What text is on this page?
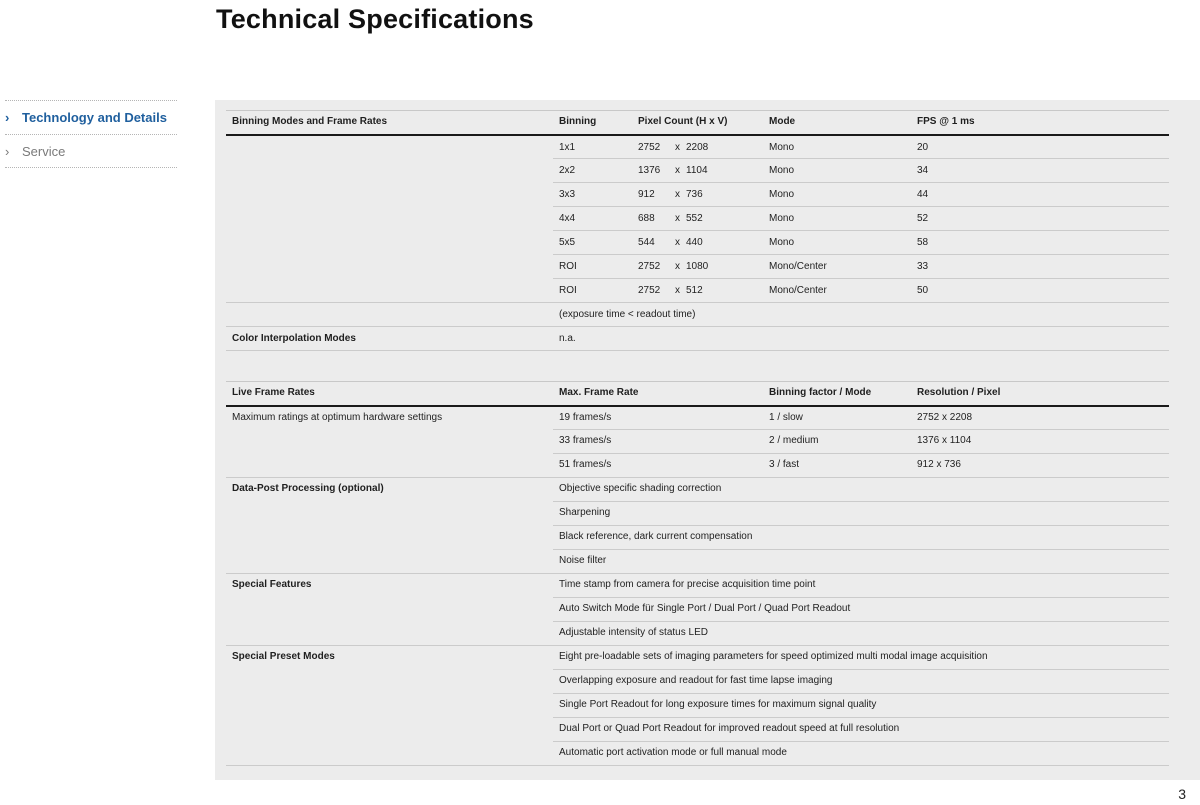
Technical Specifications
› Technology and Details
› Service
Binning Modes and Frame Rates	Binning	Pixel Count (H x V)	Mode	FPS @ 1 ms
	1x1	2752 x 2208	Mono	20
	2x2	1376 x 1104	Mono	34
	3x3	912 x 736	Mono	44
	4x4	688 x 552	Mono	52
	5x5	544 x 440	Mono	58
	ROI	2752 x 1080	Mono/Center	33
	ROI	2752 x 512	Mono/Center	50
	(exposure time < readout time)			
Color Interpolation Modes	n.a.			

Live Frame Rates	Max. Frame Rate		Binning factor / Mode	Resolution / Pixel
Maximum ratings at optimum hardware settings	19 frames/s		1 / slow	2752 x 2208
	33 frames/s		2 / medium	1376 x 1104
	51 frames/s		3 / fast	912 x 736
Data-Post Processing (optional)	Objective specific shading correction			
	Sharpening			
	Black reference, dark current compensation			
	Noise filter			
Special Features	Time stamp from camera for precise acquisition time point			
	Auto Switch Mode für Single Port / Dual Port / Quad Port Readout			
	Adjustable intensity of status LED			
Special Preset Modes	Eight pre-loadable sets of imaging parameters for speed optimized multi modal image acquisition			
	Overlapping exposure and readout for fast time lapse imaging			
	Single Port Readout for long exposure times for maximum signal quality			
	Dual Port or Quad Port Readout for improved readout speed at full resolution			
	Automatic port activation mode or full manual mode			
3
